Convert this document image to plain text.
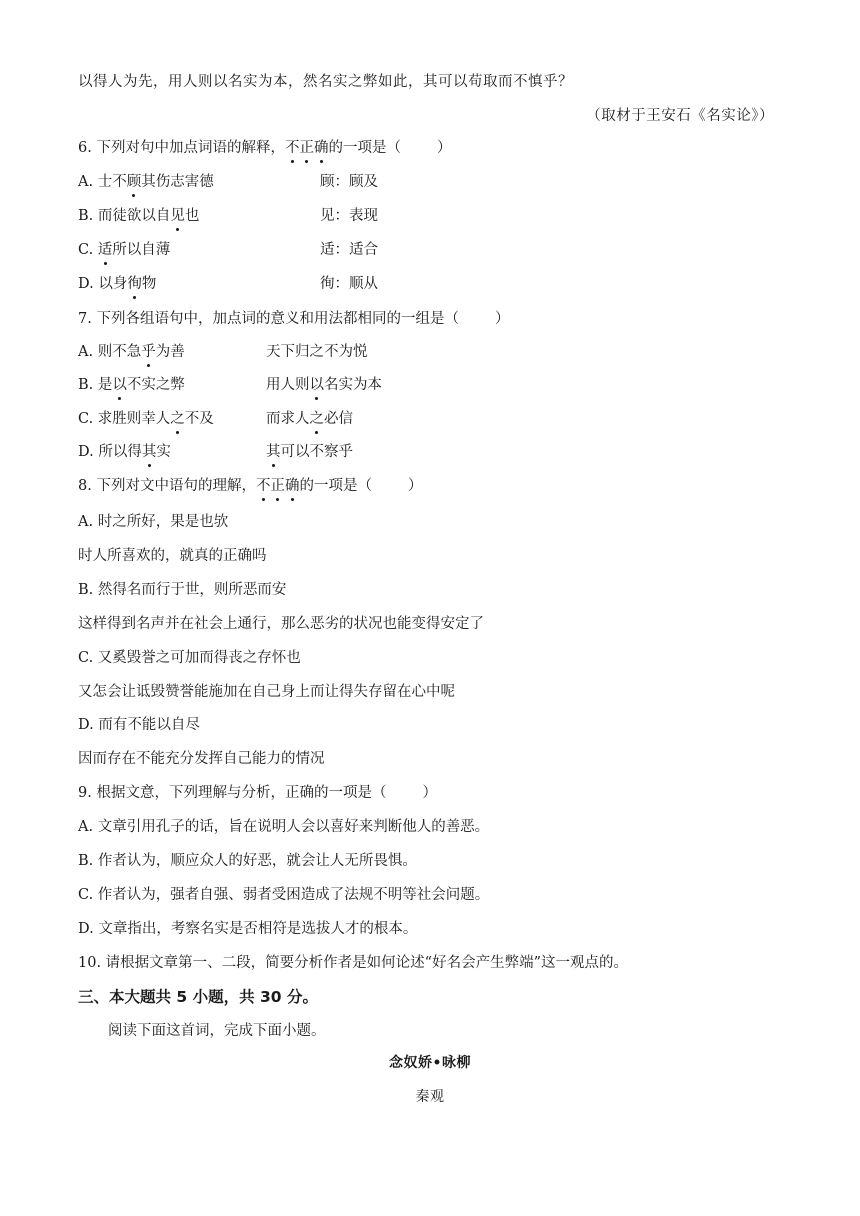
以得人为先，用人则以名实为本，然名实之弊如此，其可以苟取而不慎乎？
（取材于王安石《名实论》）
6. 下列对句中加点词语的解释，不正确的一项是（ ）
A. 士不顾其伤志害德	顾：顾及
B. 而徒欲以自见也	见：表现
C. 适所以自薄	适：适合
D. 以身徇物	徇：顺从
7. 下列各组语句中，加点词的意义和用法都相同的一组是（ ）
A. 则不急乎为善	天下归之不为悦
B. 是以不实之弊	用人则以名实为本
C. 求胜则幸人之不及	而求人之必信
D. 所以得其实	其可以不察乎
8. 下列对文中语句的理解，不正确的一项是（ ）
A. 时之所好，果是也欤
时人所喜欢的，就真的正确吗
B. 然得名而行于世，则所恶而安
这样得到名声并在社会上通行，那么恶劣的状况也能变得安定了
C. 又奚毁誉之可加而得丧之存怀也
又怎会让诋毁赞誉能施加在自己身上而让得失存留在心中呢
D. 而有不能以自尽
因而存在不能充分发挥自己能力的情况
9. 根据文意，下列理解与分析，正确的一项是（ ）
A. 文章引用孔子的话，旨在说明人会以喜好来判断他人的善恶。
B. 作者认为，顺应众人的好恶，就会让人无所畏惧。
C. 作者认为，强者自强、弱者受困造成了法规不明等社会问题。
D. 文章指出，考察名实是否相符是选拔人才的根本。
10. 请根据文章第一、二段，简要分析作者是如何论述“好名会产生弊端”这一观点的。
三、本大题共 5 小题，共 30 分。
阅读下面这首词，完成下面小题。
念奴娇•咏柳
秦观
